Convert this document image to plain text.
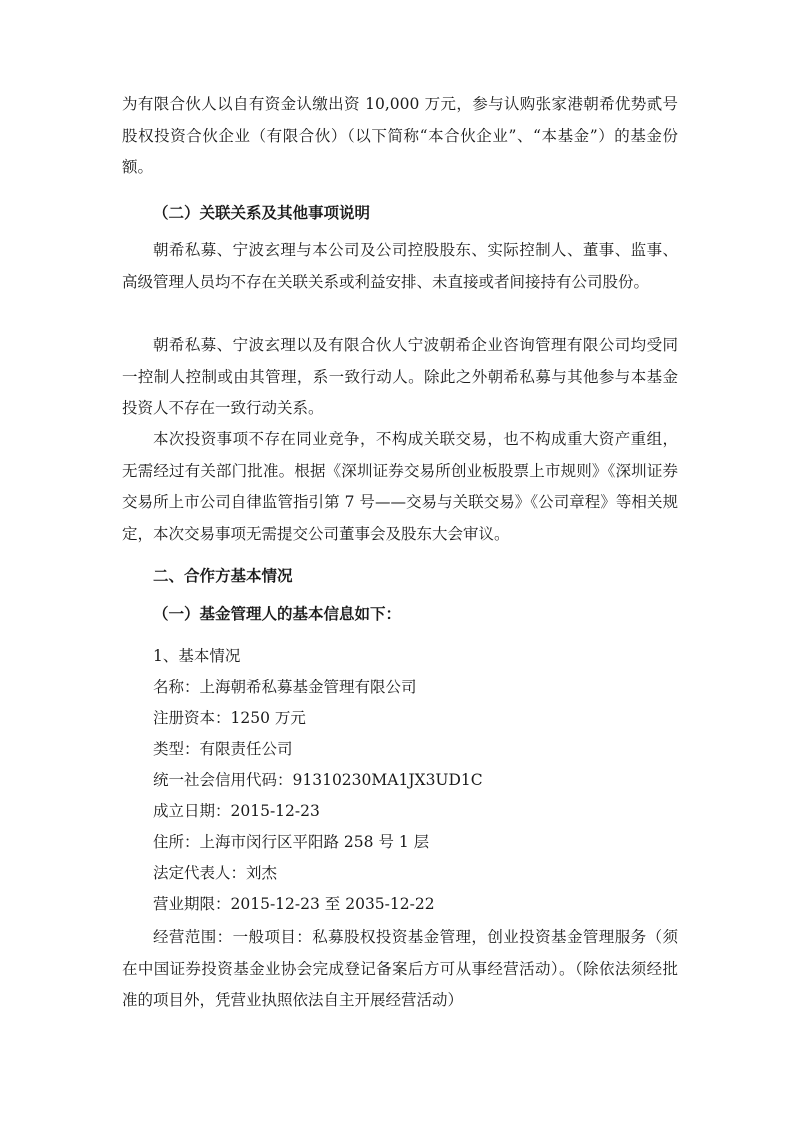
为有限合伙人以自有资金认缴出资 10,000 万元，参与认购张家港朝希优势贰号股权投资合伙企业（有限合伙）（以下简称“本合伙企业”、“本基金”）的基金份额。

（二）关联关系及其他事项说明

朝希私募、宁波玄理与本公司及公司控股股东、实际控制人、董事、监事、高级管理人员均不存在关联关系或利益安排、未直接或者间接持有公司股份。

朝希私募、宁波玄理以及有限合伙人宁波朝希企业咨询管理有限公司均受同一控制人控制或由其管理，系一致行动人。除此之外朝希私募与其他参与本基金投资人不存在一致行动关系。

本次投资事项不存在同业竞争，不构成关联交易，也不构成重大资产重组，无需经过有关部门批准。根据《深圳证券交易所创业板股票上市规则》《深圳证券交易所上市公司自律监管指引第 7 号——交易与关联交易》《公司章程》等相关规定，本次交易事项无需提交公司董事会及股东大会审议。

二、合作方基本情况

（一）基金管理人的基本信息如下：

1、基本情况

名称：上海朝希私募基金管理有限公司

注册资本：1250 万元

类型：有限责任公司

统一社会信用代码：91310230MA1JX3UD1C

成立日期：2015-12-23

住所：上海市闵行区平阳路 258 号 1 层

法定代表人：刘杰

营业期限：2015-12-23 至 2035-12-22

经营范围：一般项目：私募股权投资基金管理，创业投资基金管理服务（须在中国证券投资基金业协会完成登记备案后方可从事经营活动）。（除依法须经批准的项目外，凭营业执照依法自主开展经营活动）
